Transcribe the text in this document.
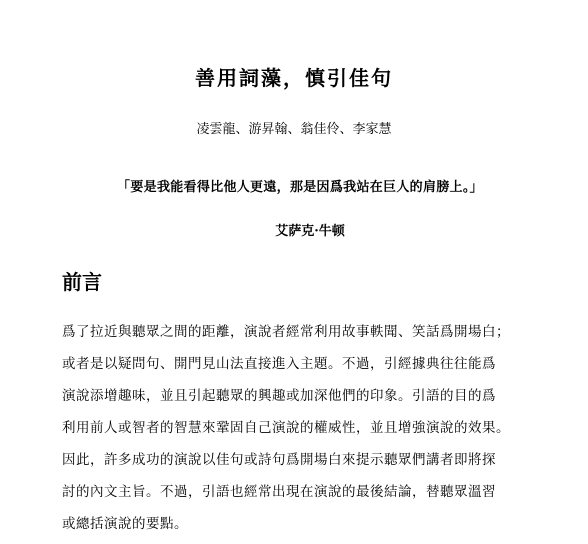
善用詞藻，慎引佳句
凌雲龍、游昇翰、翁佳伶、李家慧
「要是我能看得比他人更遠，那是因爲我站在巨人的肩膀上。」
艾萨克·牛顿
前言
爲了拉近與聽眾之間的距離，演說者經常利用故事軼聞、笑話爲開場白；
或者是以疑問句、開門見山法直接進入主題。不過，引經據典往往能爲
演說添增趣味，並且引起聽眾的興趣或加深他們的印象。引語的目的爲
利用前人或智者的智慧來鞏固自己演說的權威性，並且增強演說的效果。
因此，許多成功的演說以佳句或詩句爲開場白來提示聽眾們講者即將探
討的內文主旨。不過，引語也經常出現在演說的最後結論，替聽眾溫習
或總括演說的要點。
